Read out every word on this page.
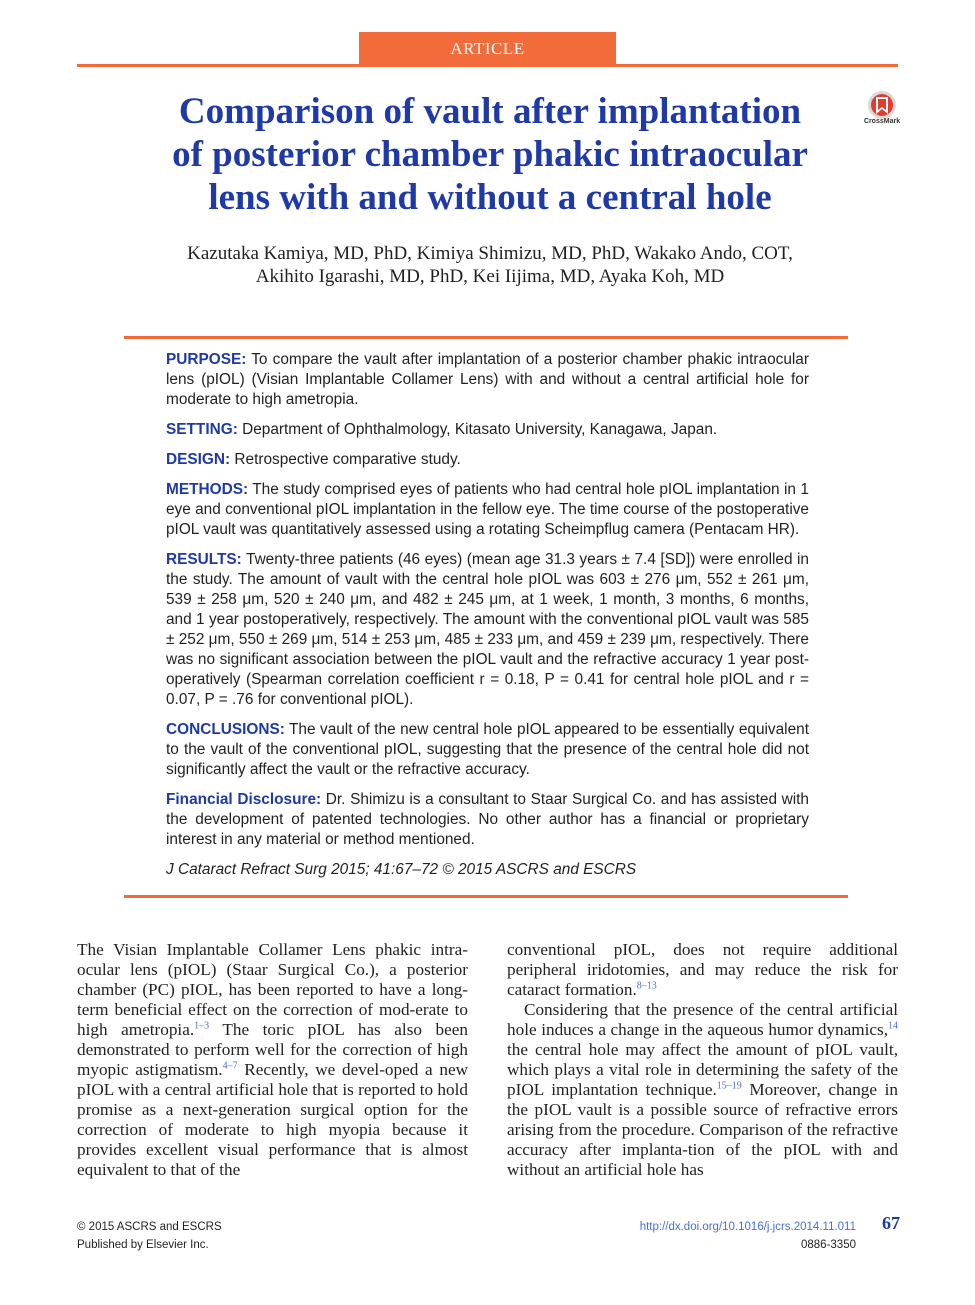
ARTICLE
Comparison of vault after implantation
of posterior chamber phakic intraocular
lens with and without a central hole
CrossMark
Kazutaka Kamiya, MD, PhD, Kimiya Shimizu, MD, PhD, Wakako Ando, COT,
Akihito Igarashi, MD, PhD, Kei Iijima, MD, Ayaka Koh, MD

PURPOSE: To compare the vault after implantation of a posterior chamber phakic intraocular lens (pIOL) (Visian Implantable Collamer Lens) with and without a central artificial hole for moderate to high ametropia.

SETTING: Department of Ophthalmology, Kitasato University, Kanagawa, Japan.

DESIGN: Retrospective comparative study.

METHODS: The study comprised eyes of patients who had central hole pIOL implantation in 1 eye and conventional pIOL implantation in the fellow eye. The time course of the postoperative pIOL vault was quantitatively assessed using a rotating Scheimpflug camera (Pentacam HR).

RESULTS: Twenty-three patients (46 eyes) (mean age 31.3 years ± 7.4 [SD]) were enrolled in the study. The amount of vault with the central hole pIOL was 603 ± 276 μm, 552 ± 261 μm, 539 ± 258 μm, 520 ± 240 μm, and 482 ± 245 μm, at 1 week, 1 month, 3 months, 6 months, and 1 year postoperatively, respectively. The amount with the conventional pIOL vault was 585 ± 252 μm, 550 ± 269 μm, 514 ± 253 μm, 485 ± 233 μm, and 459 ± 239 μm, respectively. There was no significant association between the pIOL vault and the refractive accuracy 1 year post-operatively (Spearman correlation coefficient r = 0.18, P = 0.41 for central hole pIOL and r = 0.07, P = .76 for conventional pIOL).

CONCLUSIONS: The vault of the new central hole pIOL appeared to be essentially equivalent to the vault of the conventional pIOL, suggesting that the presence of the central hole did not significantly affect the vault or the refractive accuracy.

Financial Disclosure: Dr. Shimizu is a consultant to Staar Surgical Co. and has assisted with the development of patented technologies. No other author has a financial or proprietary interest in any material or method mentioned.

J Cataract Refract Surg 2015; 41:67–72 © 2015 ASCRS and ESCRS

The Visian Implantable Collamer Lens phakic intra-ocular lens (pIOL) (Staar Surgical Co.), a posterior chamber (PC) pIOL, has been reported to have a long-term beneficial effect on the correction of mod-erate to high ametropia.$^{1-3}$ The toric pIOL has also been demonstrated to perform well for the correction of high myopic astigmatism.$^{4-7}$ Recently, we devel-oped a new pIOL with a central artificial hole that is reported to hold promise as a next-generation surgical option for the correction of moderate to high myopia because it provides excellent visual performance that is almost equivalent to that of the

conventional pIOL, does not require additional peripheral iridotomies, and may reduce the risk for cataract formation.$^{8-13}$

Considering that the presence of the central artificial hole induces a change in the aqueous humor dynamics,$^{14}$ the central hole may affect the amount of pIOL vault, which plays a vital role in determining the safety of the pIOL implantation technique.$^{15-19}$ Moreover, change in the pIOL vault is a possible source of refractive errors arising from the procedure. Comparison of the refractive accuracy after implanta-tion of the pIOL with and without an artificial hole has

© 2015 ASCRS and ESCRS
Published by Elsevier Inc.
http://dx.doi.org/10.1016/j.jcrs.2014.11.011
0886-3350
67
